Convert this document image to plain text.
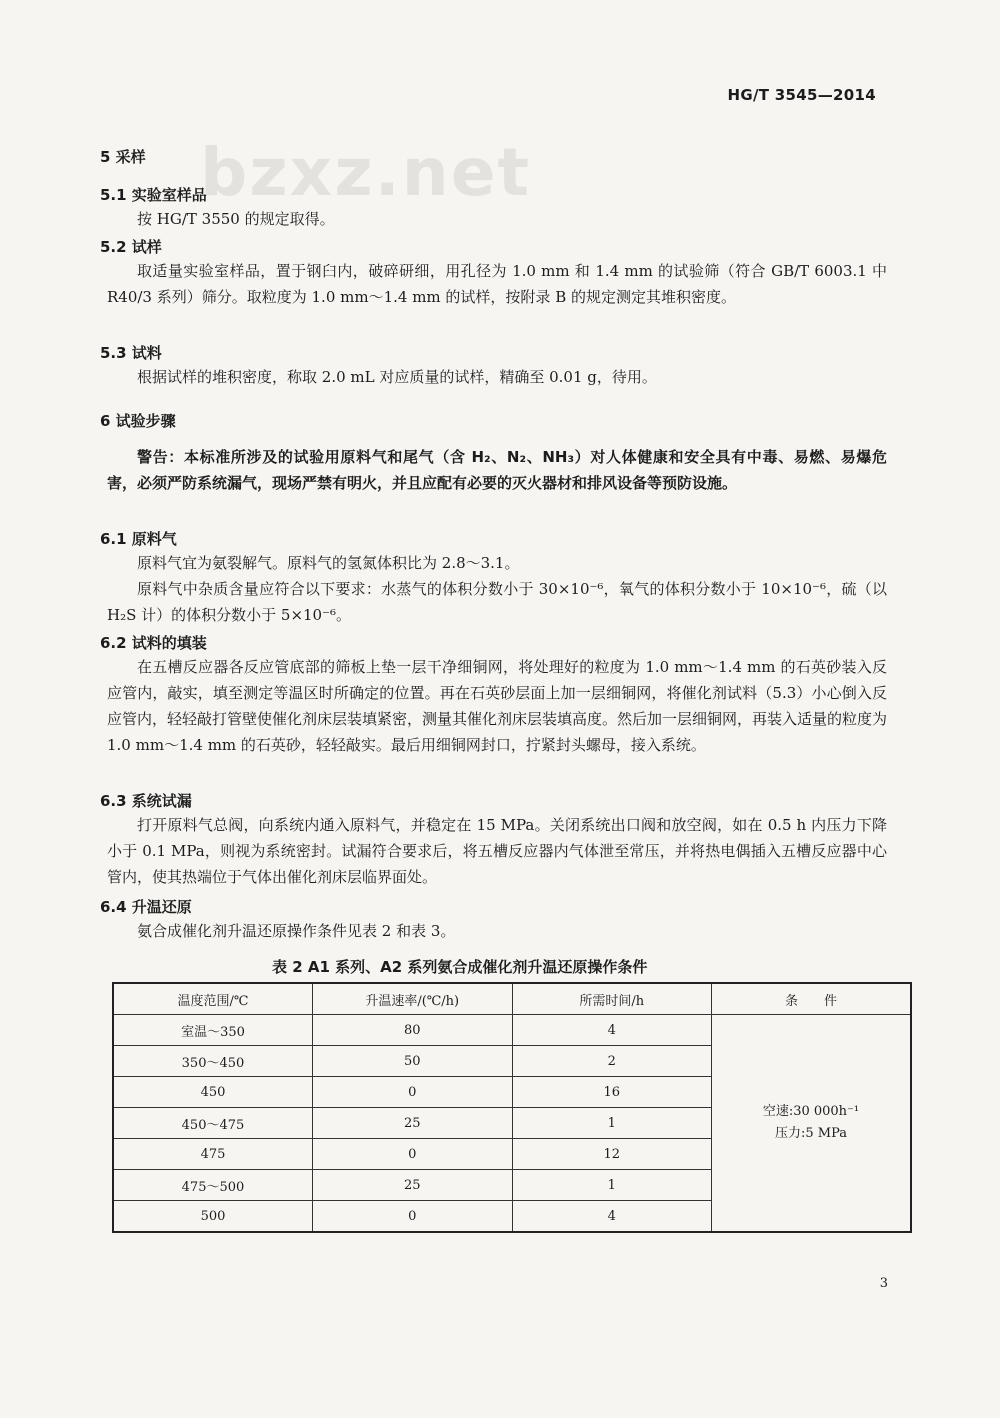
bzxz.net
HG/T 3545—2014
5 采样
5.1 实验室样品
按 HG/T 3550 的规定取得。
5.2 试样
取适量实验室样品，置于钢臼内，破碎研细，用孔径为 1.0 mm 和 1.4 mm 的试验筛（符合 GB/T 6003.1 中 R40/3 系列）筛分。取粒度为 1.0 mm～1.4 mm 的试样，按附录 B 的规定测定其堆积密度。
5.3 试料
根据试样的堆积密度，称取 2.0 mL 对应质量的试样，精确至 0.01 g，待用。
6 试验步骤
警告：本标准所涉及的试验用原料气和尾气（含 H₂、N₂、NH₃）对人体健康和安全具有中毒、易燃、易爆危害，必须严防系统漏气，现场严禁有明火，并且应配有必要的灭火器材和排风设备等预防设施。
6.1 原料气
原料气宜为氨裂解气。原料气的氢氮体积比为 2.8～3.1。
原料气中杂质含量应符合以下要求：水蒸气的体积分数小于 30×10⁻⁶，氧气的体积分数小于 10×10⁻⁶，硫（以 H₂S 计）的体积分数小于 5×10⁻⁶。
6.2 试料的填装
在五槽反应器各反应管底部的筛板上垫一层干净细铜网，将处理好的粒度为 1.0 mm～1.4 mm 的石英砂装入反应管内，敲实，填至测定等温区时所确定的位置。再在石英砂层面上加一层细铜网，将催化剂试料（5.3）小心倒入反应管内，轻轻敲打管壁使催化剂床层装填紧密，测量其催化剂床层装填高度。然后加一层细铜网，再装入适量的粒度为 1.0 mm～1.4 mm 的石英砂，轻轻敲实。最后用细铜网封口，拧紧封头螺母，接入系统。
6.3 系统试漏
打开原料气总阀，向系统内通入原料气，并稳定在 15 MPa。关闭系统出口阀和放空阀，如在 0.5 h 内压力下降小于 0.1 MPa，则视为系统密封。试漏符合要求后，将五槽反应器内气体泄至常压，并将热电偶插入五槽反应器中心管内，使其热端位于气体出催化剂床层临界面处。
6.4 升温还原
氨合成催化剂升温还原操作条件见表 2 和表 3。
表 2 A1 系列、A2 系列氨合成催化剂升温还原操作条件
温度范围/℃	升温速率/(℃/h)	所需时间/h	条　　件
室温～350	80	4	空速:30 000h⁻¹
压力:5 MPa

350～450	50	2	
450	0	16	
450～475	25	1	
475	0	12	
475～500	25	1	
500	0	4	
3
